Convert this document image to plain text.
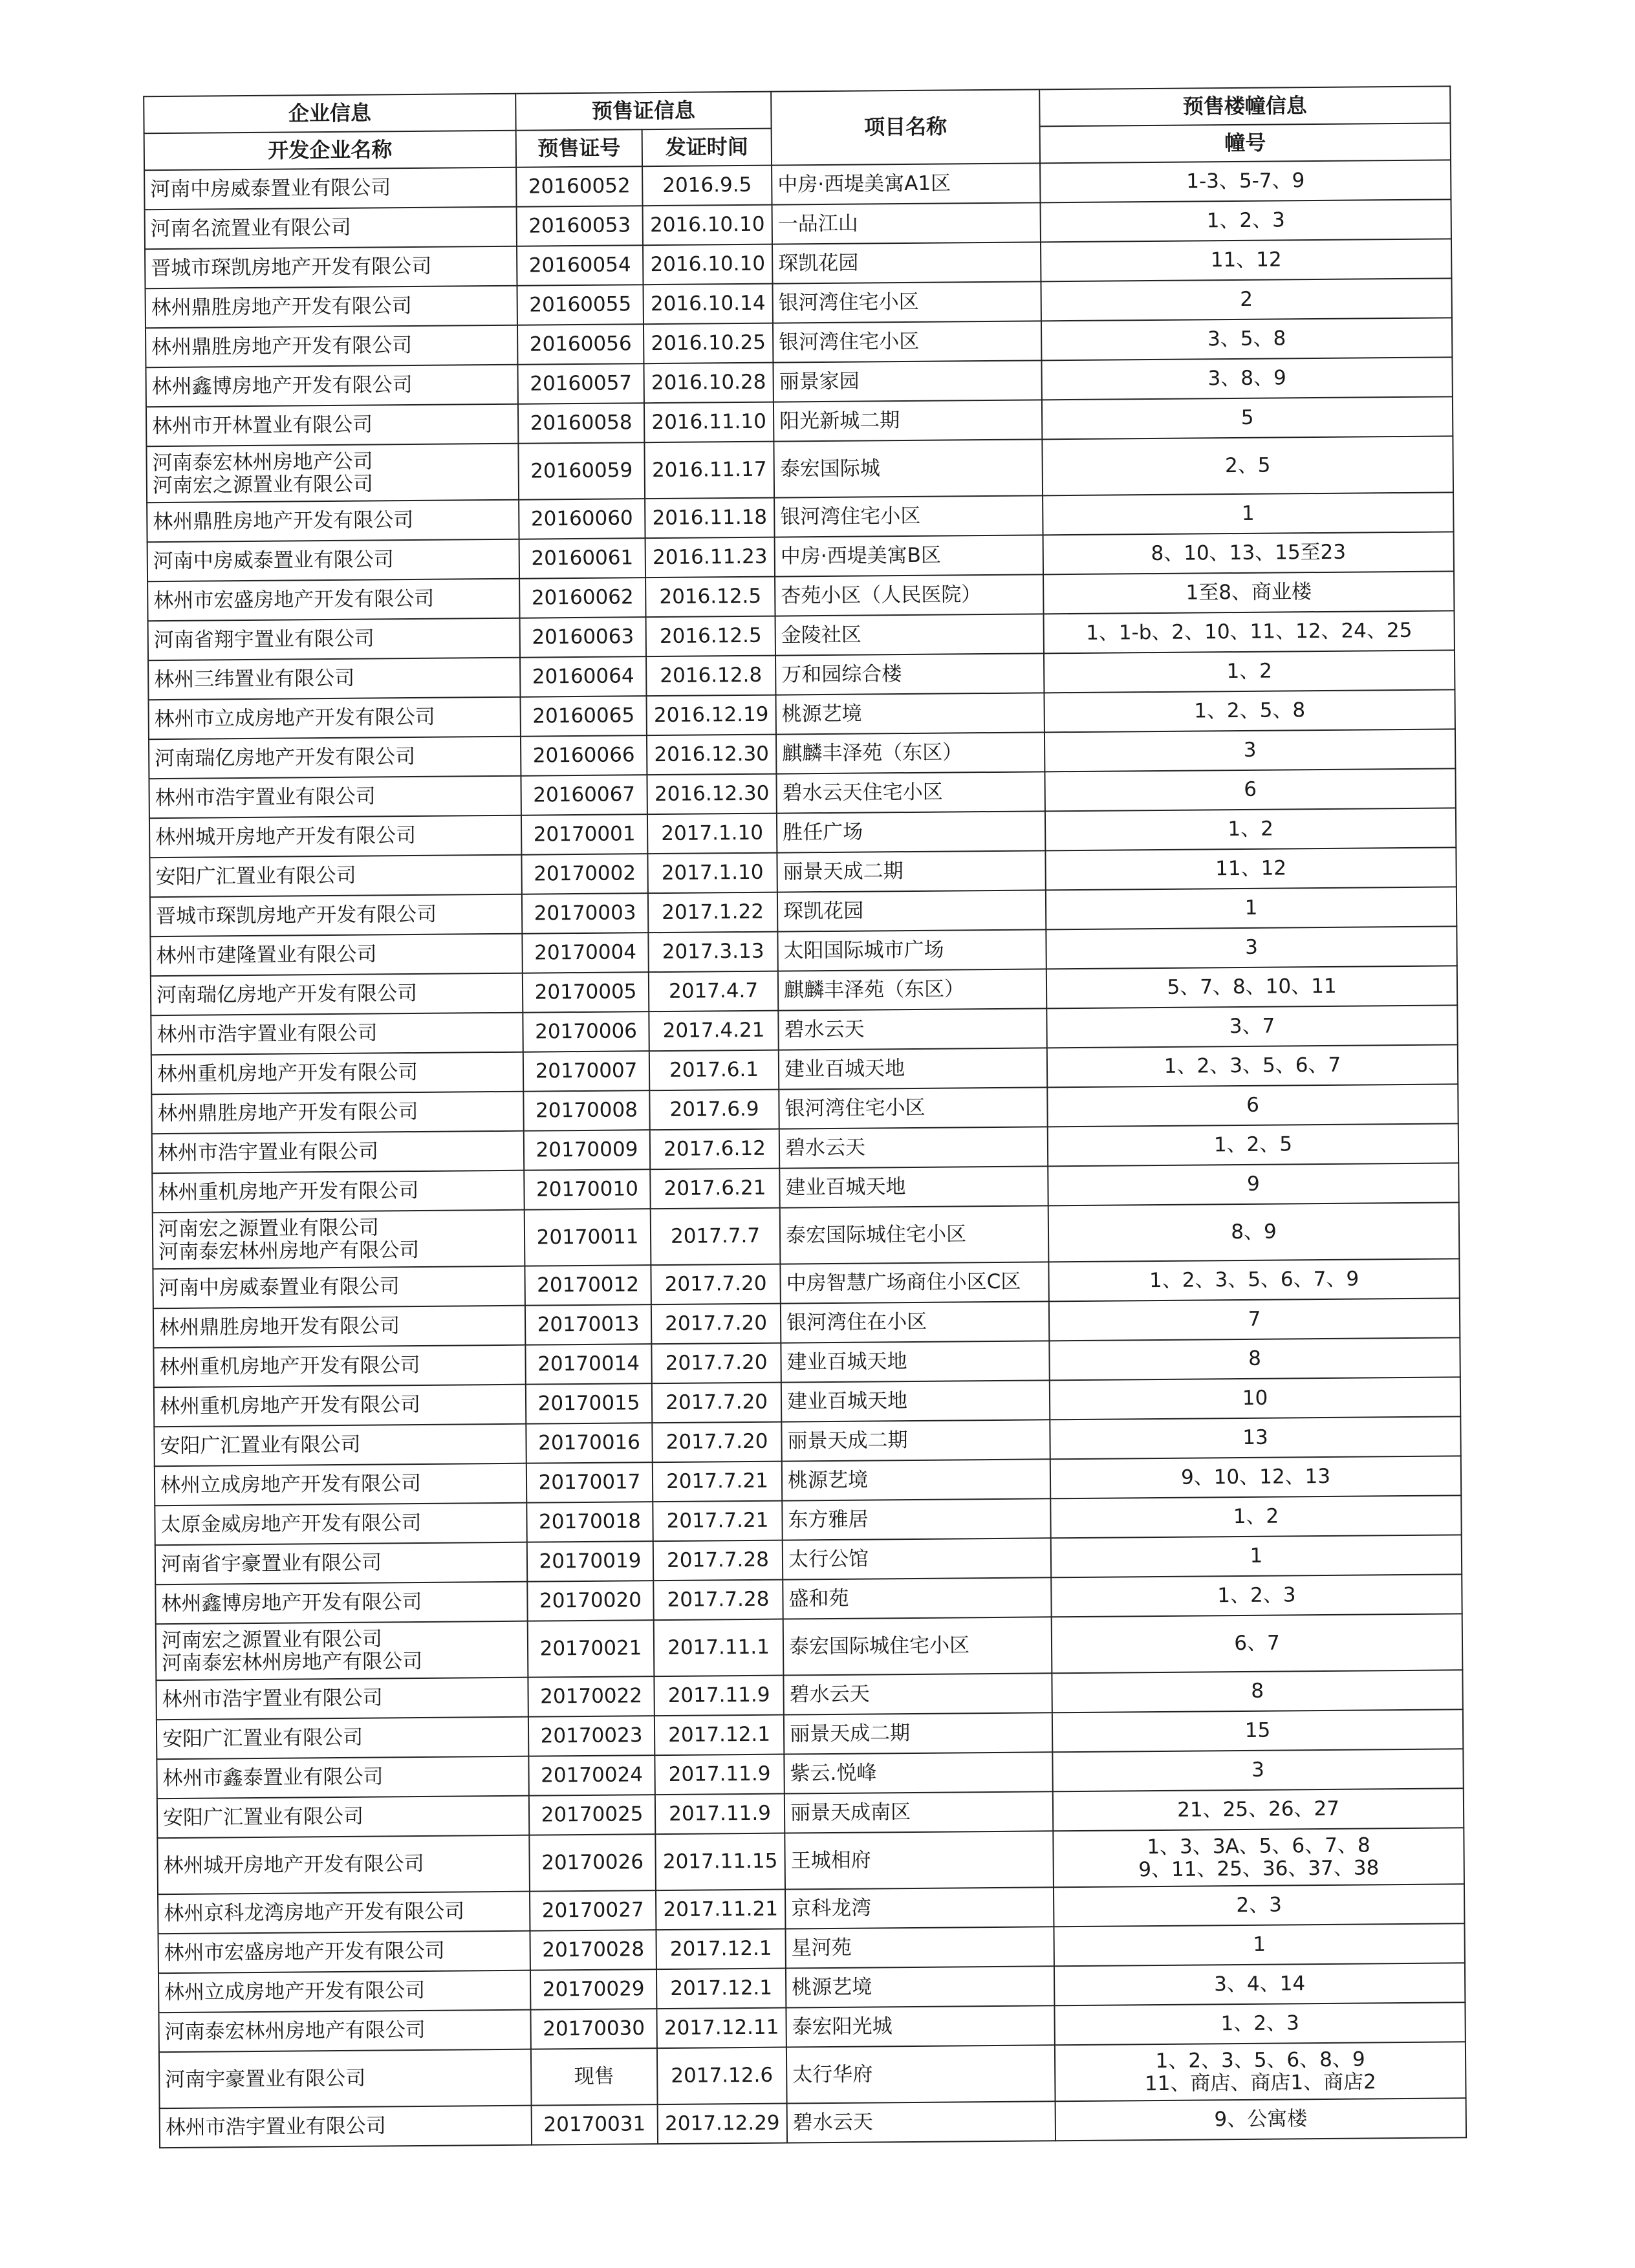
企业信息	预售证信息		项目名称	预售楼幢信息
开发企业名称	预售证号	发证时间		幢号

河南中房威泰置业有限公司	20160052	2016.9.5	中房·西堤美寓A1区	1-3、5-7、9

河南名流置业有限公司	20160053	2016.10.10	一品江山	1、2、3

晋城市琛凯房地产开发有限公司	20160054	2016.10.10	琛凯花园	11、12

林州鼎胜房地产开发有限公司	20160055	2016.10.14	银河湾住宅小区	2

林州鼎胜房地产开发有限公司	20160056	2016.10.25	银河湾住宅小区	3、5、8

林州鑫博房地产开发有限公司	20160057	2016.10.28	丽景家园	3、8、9

林州市开林置业有限公司	20160058	2016.11.10	阳光新城二期	5

河南泰宏林州房地产公司
河南宏之源置业有限公司	20160059	2016.11.17	泰宏国际城	2、5

林州鼎胜房地产开发有限公司	20160060	2016.11.18	银河湾住宅小区	1

河南中房威泰置业有限公司	20160061	2016.11.23	中房·西堤美寓B区	8、10、13、15至23

林州市宏盛房地产开发有限公司	20160062	2016.12.5	杏苑小区（人民医院）	1至8、商业楼

河南省翔宇置业有限公司	20160063	2016.12.5	金陵社区	1、1-b、2、10、11、12、24、25

林州三纬置业有限公司	20160064	2016.12.8	万和园综合楼	1、2

林州市立成房地产开发有限公司	20160065	2016.12.19	桃源艺境	1、2、5、8

河南瑞亿房地产开发有限公司	20160066	2016.12.30	麒麟丰泽苑（东区）	3

林州市浩宇置业有限公司	20160067	2016.12.30	碧水云天住宅小区	6

林州城开房地产开发有限公司	20170001	2017.1.10	胜任广场	1、2

安阳广汇置业有限公司	20170002	2017.1.10	丽景天成二期	11、12

晋城市琛凯房地产开发有限公司	20170003	2017.1.22	琛凯花园	1

林州市建隆置业有限公司	20170004	2017.3.13	太阳国际城市广场	3

河南瑞亿房地产开发有限公司	20170005	2017.4.7	麒麟丰泽苑（东区）	5、7、8、10、11

林州市浩宇置业有限公司	20170006	2017.4.21	碧水云天	3、7

林州重机房地产开发有限公司	20170007	2017.6.1	建业百城天地	1、2、3、5、6、7

林州鼎胜房地产开发有限公司	20170008	2017.6.9	银河湾住宅小区	6

林州市浩宇置业有限公司	20170009	2017.6.12	碧水云天	1、2、5

林州重机房地产开发有限公司	20170010	2017.6.21	建业百城天地	9

河南宏之源置业有限公司
河南泰宏林州房地产有限公司	20170011	2017.7.7	泰宏国际城住宅小区	8、9

河南中房威泰置业有限公司	20170012	2017.7.20	中房智慧广场商住小区C区	1、2、3、5、6、7、9

林州鼎胜房地开发有限公司	20170013	2017.7.20	银河湾住在小区	7

林州重机房地产开发有限公司	20170014	2017.7.20	建业百城天地	8

林州重机房地产开发有限公司	20170015	2017.7.20	建业百城天地	10

安阳广汇置业有限公司	20170016	2017.7.20	丽景天成二期	13

林州立成房地产开发有限公司	20170017	2017.7.21	桃源艺境	9、10、12、13

太原金威房地产开发有限公司	20170018	2017.7.21	东方雅居	1、2

河南省宇豪置业有限公司	20170019	2017.7.28	太行公馆	1

林州鑫博房地产开发有限公司	20170020	2017.7.28	盛和苑	1、2、3

河南宏之源置业有限公司
河南泰宏林州房地产有限公司	20170021	2017.11.1	泰宏国际城住宅小区	6、7

林州市浩宇置业有限公司	20170022	2017.11.9	碧水云天	8

安阳广汇置业有限公司	20170023	2017.12.1	丽景天成二期	15

林州市鑫泰置业有限公司	20170024	2017.11.9	紫云.悦峰	3

安阳广汇置业有限公司	20170025	2017.11.9	丽景天成南区	21、25、26、27

林州城开房地产开发有限公司	20170026	2017.11.15	王城相府	1、3、3A、5、6、7、8
9、11、25、36、37、38

林州京科龙湾房地产开发有限公司	20170027	2017.11.21	京科龙湾	2、3

林州市宏盛房地产开发有限公司	20170028	2017.12.1	星河苑	1

林州立成房地产开发有限公司	20170029	2017.12.1	桃源艺境	3、4、14

河南泰宏林州房地产有限公司	20170030	2017.12.11	泰宏阳光城	1、2、3

河南宇豪置业有限公司	现售	2017.12.6	太行华府	1、2、3、5、6、8、9
11、商店、商店1、商店2

林州市浩宇置业有限公司	20170031	2017.12.29	碧水云天	9、公寓楼
